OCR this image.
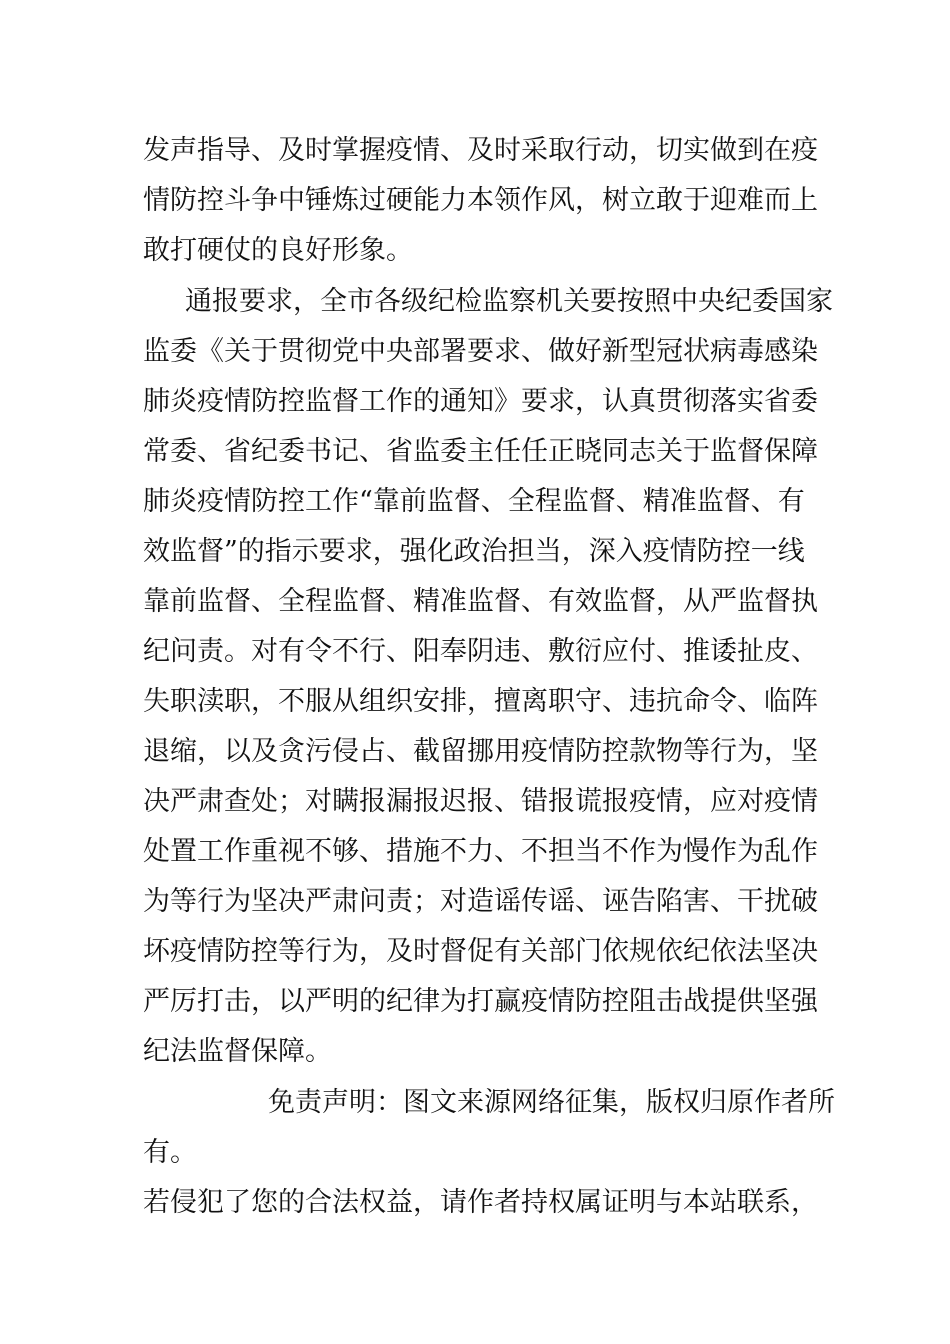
发声指导、及时掌握疫情、及时采取行动，切实做到在疫
情防控斗争中锤炼过硬能力本领作风，树立敢于迎难而上
敢打硬仗的良好形象。
通报要求，全市各级纪检监察机关要按照中央纪委国家
监委《关于贯彻党中央部署要求、做好新型冠状病毒感染
肺炎疫情防控监督工作的通知》要求，认真贯彻落实省委
常委、省纪委书记、省监委主任任正晓同志关于监督保障
肺炎疫情防控工作“靠前监督、全程监督、精准监督、有
效监督”的指示要求，强化政治担当，深入疫情防控一线
靠前监督、全程监督、精准监督、有效监督，从严监督执
纪问责。对有令不行、阳奉阴违、敷衍应付、推诿扯皮、
失职渎职，不服从组织安排，擅离职守、违抗命令、临阵
退缩，以及贪污侵占、截留挪用疫情防控款物等行为，坚
决严肃查处；对瞒报漏报迟报、错报谎报疫情，应对疫情
处置工作重视不够、措施不力、不担当不作为慢作为乱作
为等行为坚决严肃问责；对造谣传谣、诬告陷害、干扰破
坏疫情防控等行为，及时督促有关部门依规依纪依法坚决
严厉打击，以严明的纪律为打赢疫情防控阻击战提供坚强
纪法监督保障。
免责声明：图文来源网络征集，版权归原作者所
有。
若侵犯了您的合法权益，请作者持权属证明与本站联系，
